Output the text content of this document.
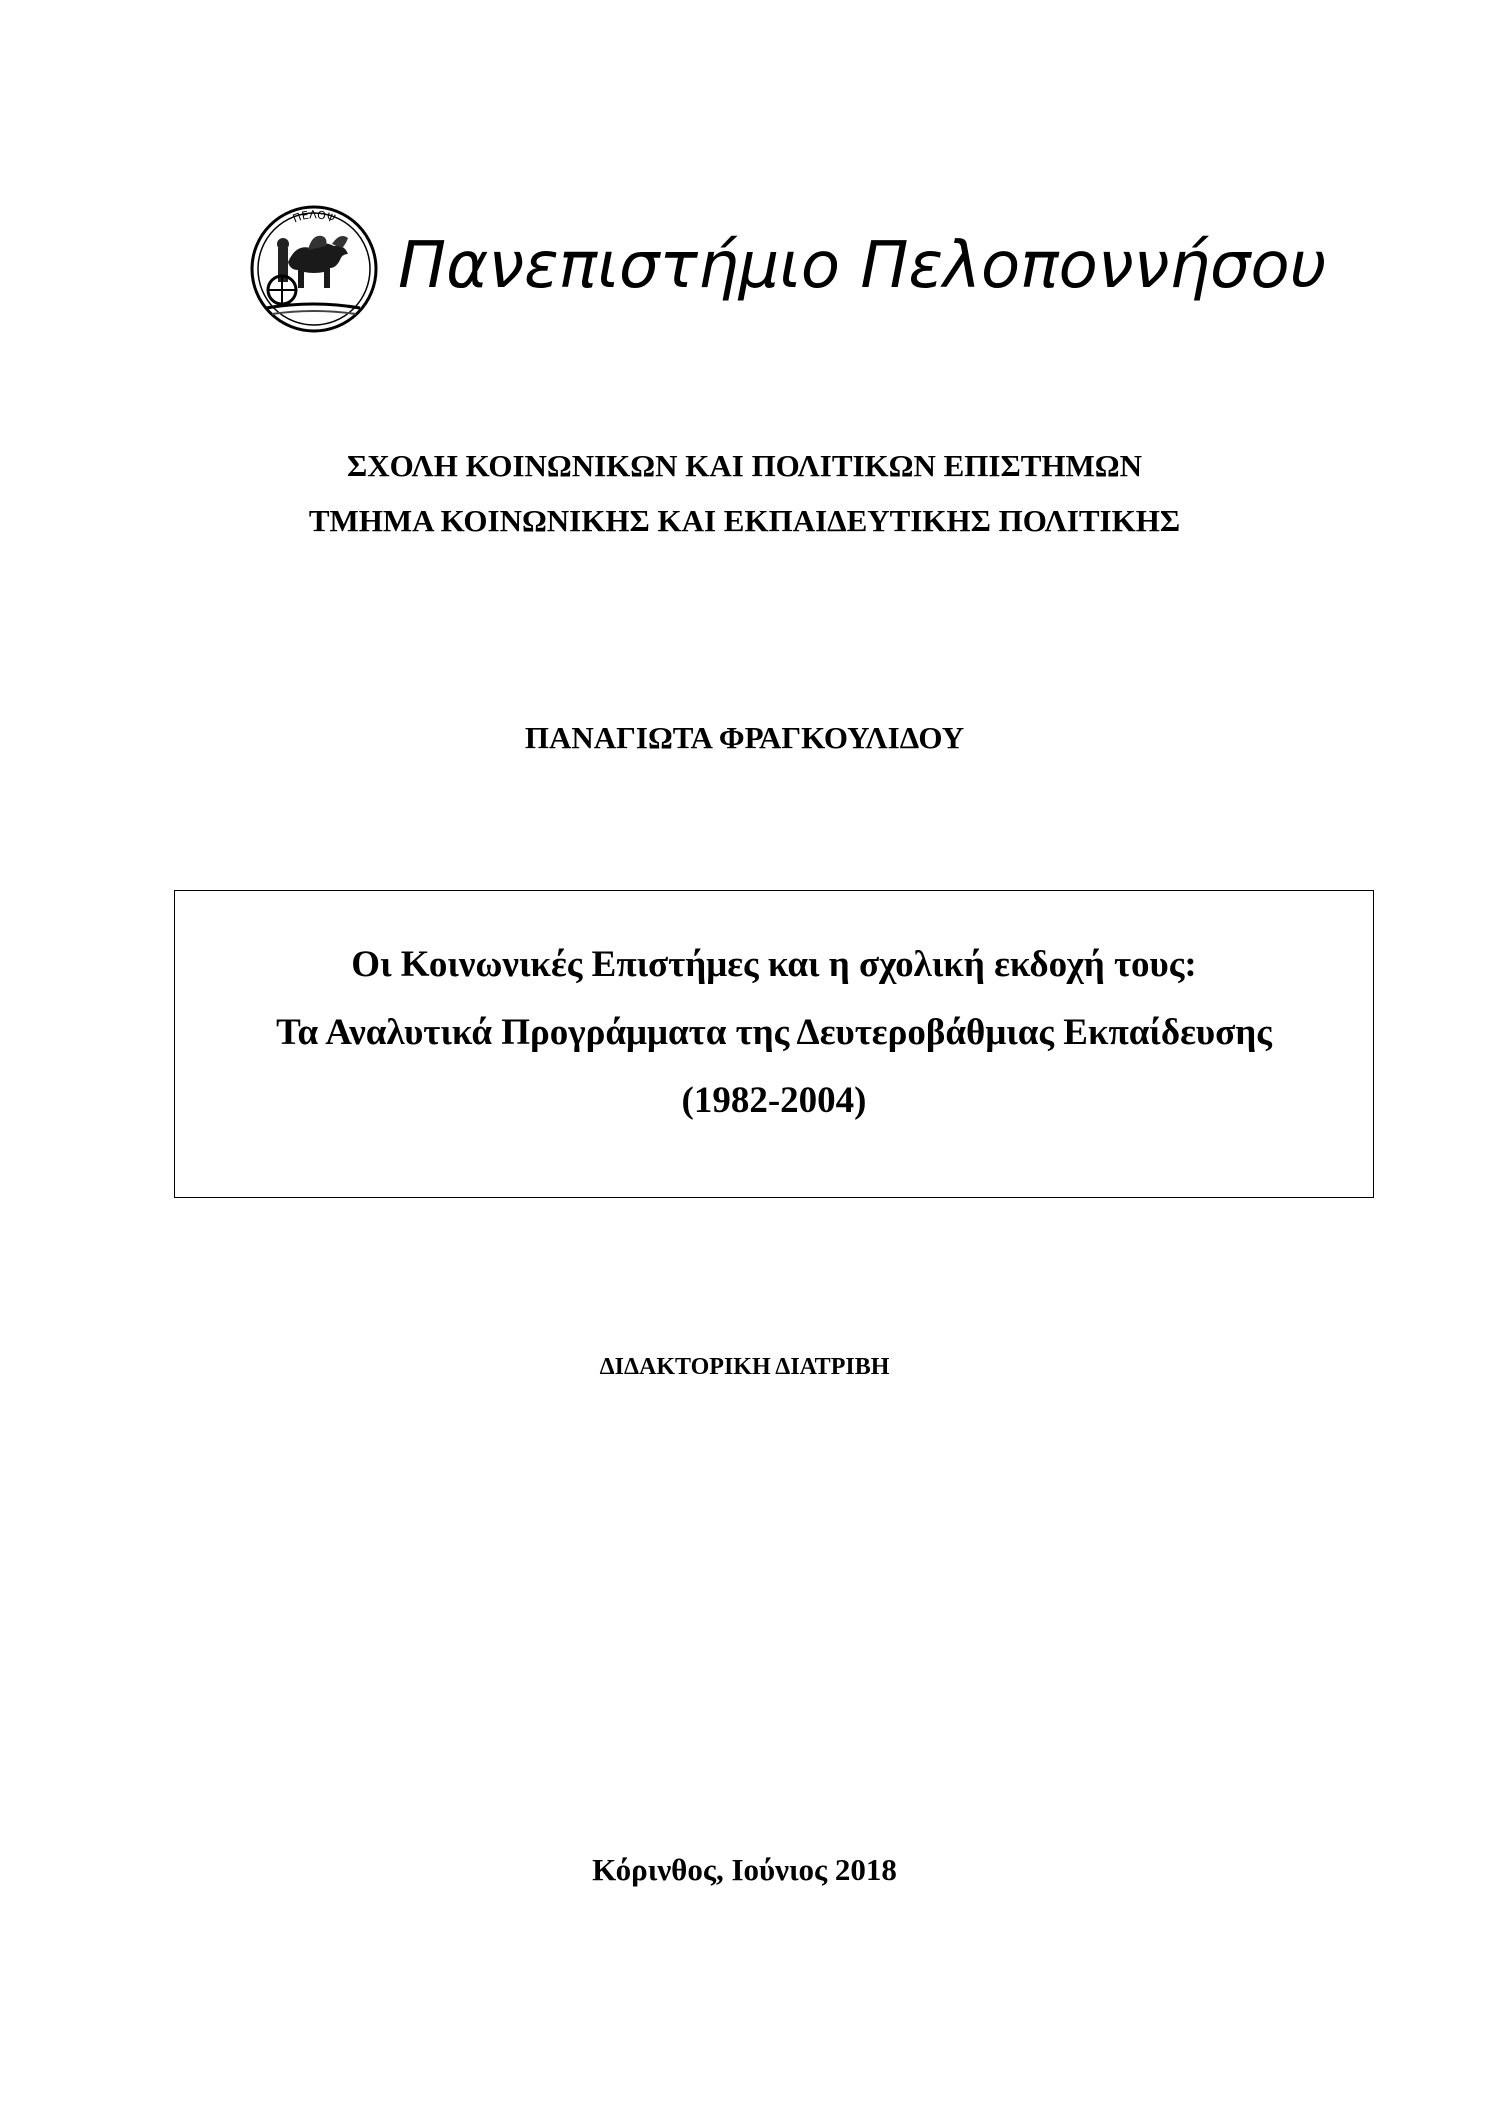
ΠΕΛΟΨ
Πανεπιστήμιο Πελοποννήσου
ΣΧΟΛΗ ΚΟΙΝΩΝΙΚΩΝ ΚΑΙ ΠΟΛΙΤΙΚΩΝ ΕΠΙΣΤΗΜΩΝ
ΤΜΗΜΑ ΚΟΙΝΩΝΙΚΗΣ ΚΑΙ ΕΚΠΑΙΔΕΥΤΙΚΗΣ ΠΟΛΙΤΙΚΗΣ
ΠΑΝΑΓΙΩΤΑ ΦΡΑΓΚΟΥΛΙΔΟΥ
Οι Κοινωνικές Επιστήμες και η σχολική εκδοχή τους:
Τα Αναλυτικά Προγράμματα της Δευτεροβάθμιας Εκπαίδευσης
(1982-2004)
ΔΙΔΑΚΤΟΡΙΚΗ ΔΙΑΤΡΙΒΗ
Κόρινθος, Ιούνιος 2018
